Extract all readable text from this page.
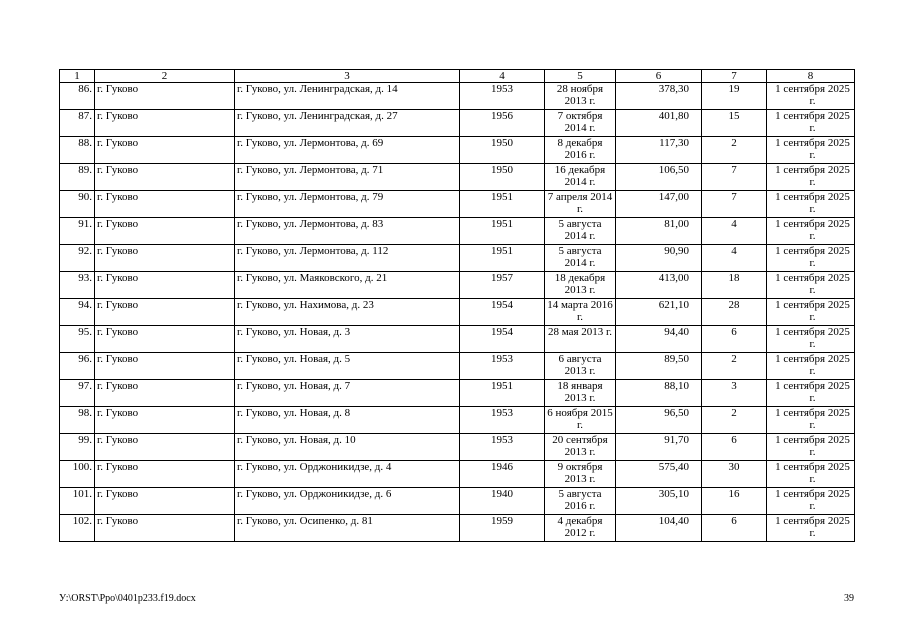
1	2	3	4	5	6	7	8
86.	г. Гуково	г. Гуково, ул. Ленинградская, д. 14	1953	28 ноября 2013 г.	378,30	19	1 сентября 2025 г.
87.	г. Гуково	г. Гуково, ул. Ленинградская, д. 27	1956	7 октября 2014 г.	401,80	15	1 сентября 2025 г.
88.	г. Гуково	г. Гуково, ул. Лермонтова, д. 69	1950	8 декабря 2016 г.	117,30	2	1 сентября 2025 г.
89.	г. Гуково	г. Гуково, ул. Лермонтова, д. 71	1950	16 декабря 2014 г.	106,50	7	1 сентября 2025 г.
90.	г. Гуково	г. Гуково, ул. Лермонтова, д. 79	1951	7 апреля 2014 г.	147,00	7	1 сентября 2025 г.
91.	г. Гуково	г. Гуково, ул. Лермонтова, д. 83	1951	5 августа 2014 г.	81,00	4	1 сентября 2025 г.
92.	г. Гуково	г. Гуково, ул. Лермонтова, д. 112	1951	5 августа 2014 г.	90,90	4	1 сентября 2025 г.
93.	г. Гуково	г. Гуково, ул. Маяковского, д. 21	1957	18 декабря 2013 г.	413,00	18	1 сентября 2025 г.
94.	г. Гуково	г. Гуково, ул. Нахимова, д. 23	1954	14 марта 2016 г.	621,10	28	1 сентября 2025 г.
95.	г. Гуково	г. Гуково, ул. Новая, д. 3	1954	28 мая 2013 г.	94,40	6	1 сентября 2025 г.
96.	г. Гуково	г. Гуково, ул. Новая, д. 5	1953	6 августа 2013 г.	89,50	2	1 сентября 2025 г.
97.	г. Гуково	г. Гуково, ул. Новая, д. 7	1951	18 января 2013 г.	88,10	3	1 сентября 2025 г.
98.	г. Гуково	г. Гуково, ул. Новая, д. 8	1953	6 ноября 2015 г.	96,50	2	1 сентября 2025 г.
99.	г. Гуково	г. Гуково, ул. Новая, д. 10	1953	20 сентября 2013 г.	91,70	6	1 сентября 2025 г.
100.	г. Гуково	г. Гуково, ул. Орджоникидзе, д. 4	1946	9 октября 2013 г.	575,40	30	1 сентября 2025 г.
101.	г. Гуково	г. Гуково, ул. Орджоникидзе, д. 6	1940	5 августа 2016 г.	305,10	16	1 сентября 2025 г.
102.	г. Гуково	г. Гуково, ул. Осипенко, д. 81	1959	4 декабря 2012 г.	104,40	6	1 сентября 2025 г.
У:\ORST\Ppo\0401p233.f19.docx	39
